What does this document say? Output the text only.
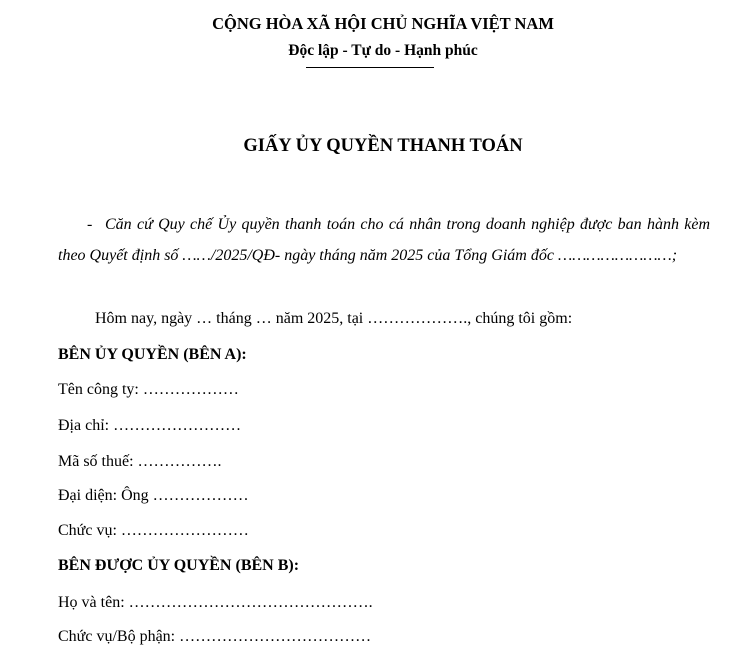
CỘNG HÒA XÃ HỘI CHỦ NGHĨA VIỆT NAM
Độc lập - Tự do - Hạnh phúc
GIẤY ỦY QUYỀN THANH TOÁN
- Căn cứ Quy chế Ủy quyền thanh toán cho cá nhân trong doanh nghiệp được ban hành kèm theo Quyết định số ……/2025/QĐ- ngày tháng năm 2025 của Tổng Giám đốc ……………………;
Hôm nay, ngày … tháng … năm 2025, tại ………………., chúng tôi gồm:
BÊN ỦY QUYỀN (BÊN A):
Tên công ty: ………………
Địa chỉ: ……………………
Mã số thuế: …………….
Đại diện: Ông ………………
Chức vụ: ……………………
BÊN ĐƯỢC ỦY QUYỀN (BÊN B):
Họ và tên: ……………………………………….
Chức vụ/Bộ phận: ………………………………
